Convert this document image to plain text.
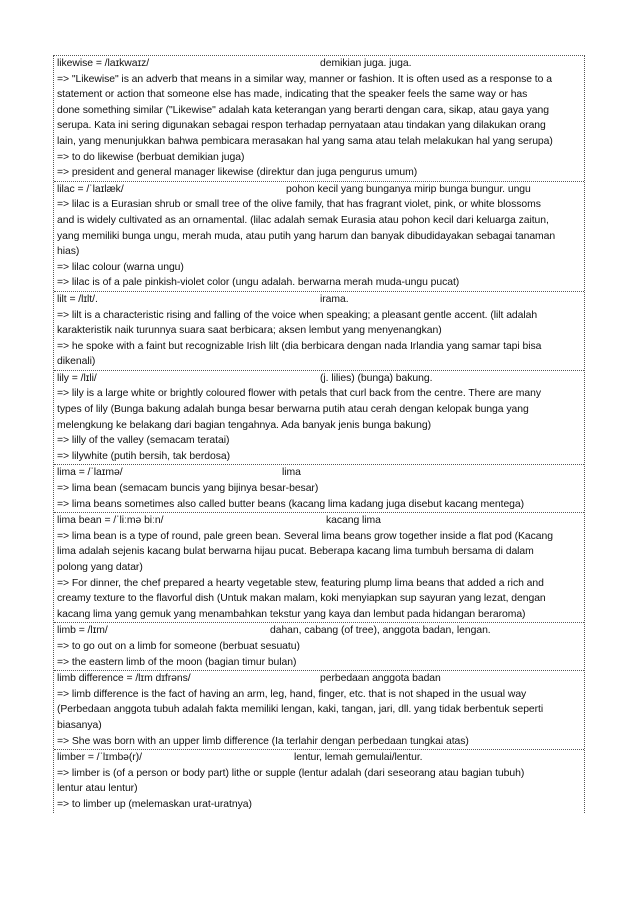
likewise = /laɪkwaɪz/	demikian juga. juga.
=> "Likewise" is an adverb that means in a similar way, manner or fashion. It is often used as a response to a
statement or action that someone else has made, indicating that the speaker feels the same way or has
done something similar ("Likewise" adalah kata keterangan yang berarti dengan cara, sikap, atau gaya yang
serupa. Kata ini sering digunakan sebagai respon terhadap pernyataan atau tindakan yang dilakukan orang
lain, yang menunjukkan bahwa pembicara merasakan hal yang sama atau telah melakukan hal yang serupa)
=> to do likewise (berbuat demikian juga)
=> president and general manager likewise (direktur dan juga pengurus umum)
lilac = /ˈlaɪlæk/	pohon kecil yang bunganya mirip bunga bungur. ungu
=> lilac is a Eurasian shrub or small tree of the olive family, that has fragrant violet, pink, or white blossoms
and is widely cultivated as an ornamental. (lilac adalah semak Eurasia atau pohon kecil dari keluarga zaitun,
yang memiliki bunga ungu, merah muda, atau putih yang harum dan banyak dibudidayakan sebagai tanaman
hias)
=> lilac colour (warna ungu)
=> lilac is of a pale pinkish-violet color (ungu adalah. berwarna merah muda-ungu pucat)
lilt = /lɪlt/.	irama.
=> lilt is a characteristic rising and falling of the voice when speaking; a pleasant gentle accent. (lilt adalah
karakteristik naik turunnya suara saat berbicara; aksen lembut yang menyenangkan)
=> he spoke with a faint but recognizable Irish lilt (dia berbicara dengan nada Irlandia yang samar tapi bisa
dikenali)
lily = /lɪli/	(j. lilies) (bunga) bakung.
=> lily is a large white or brightly coloured flower with petals that curl back from the centre. There are many
types of lily (Bunga bakung adalah bunga besar berwarna putih atau cerah dengan kelopak bunga yang
melengkung ke belakang dari bagian tengahnya. Ada banyak jenis bunga bakung)
=> lilly of the valley (semacam teratai)
=> lilywhite (putih bersih, tak berdosa)
lima = /ˈlaɪmə/	lima
=> lima bean (semacam buncis yang bijinya besar-besar)
=> lima beans sometimes also called butter beans (kacang lima kadang juga disebut kacang mentega)
lima bean = /ˈliːmə biːn/	kacang lima
=> lima bean is a type of round, pale green bean. Several lima beans grow together inside a flat pod (Kacang
lima adalah sejenis kacang bulat berwarna hijau pucat. Beberapa kacang lima tumbuh bersama di dalam
polong yang datar)
=> For dinner, the chef prepared a hearty vegetable stew, featuring plump lima beans that added a rich and
creamy texture to the flavorful dish (Untuk makan malam, koki menyiapkan sup sayuran yang lezat, dengan
kacang lima yang gemuk yang menambahkan tekstur yang kaya dan lembut pada hidangan beraroma)
limb = /lɪm/	dahan, cabang (of tree), anggota badan, lengan.
=> to go out on a limb for someone (berbuat sesuatu)
=> the eastern limb of the moon (bagian timur bulan)
limb difference = /lɪm dɪfrəns/	perbedaan anggota badan
=> limb difference is the fact of having an arm, leg, hand, finger, etc. that is not shaped in the usual way
(Perbedaan anggota tubuh adalah fakta memiliki lengan, kaki, tangan, jari, dll. yang tidak berbentuk seperti
biasanya)
=> She was born with an upper limb difference (Ia terlahir dengan perbedaan tungkai atas)
limber = /ˈlɪmbə(r)/	lentur, lemah gemulai/lentur.
=> limber is (of a person or body part) lithe or supple (lentur adalah (dari seseorang atau bagian tubuh)
lentur atau lentur)
=> to limber up (melemaskan urat-uratnya)
